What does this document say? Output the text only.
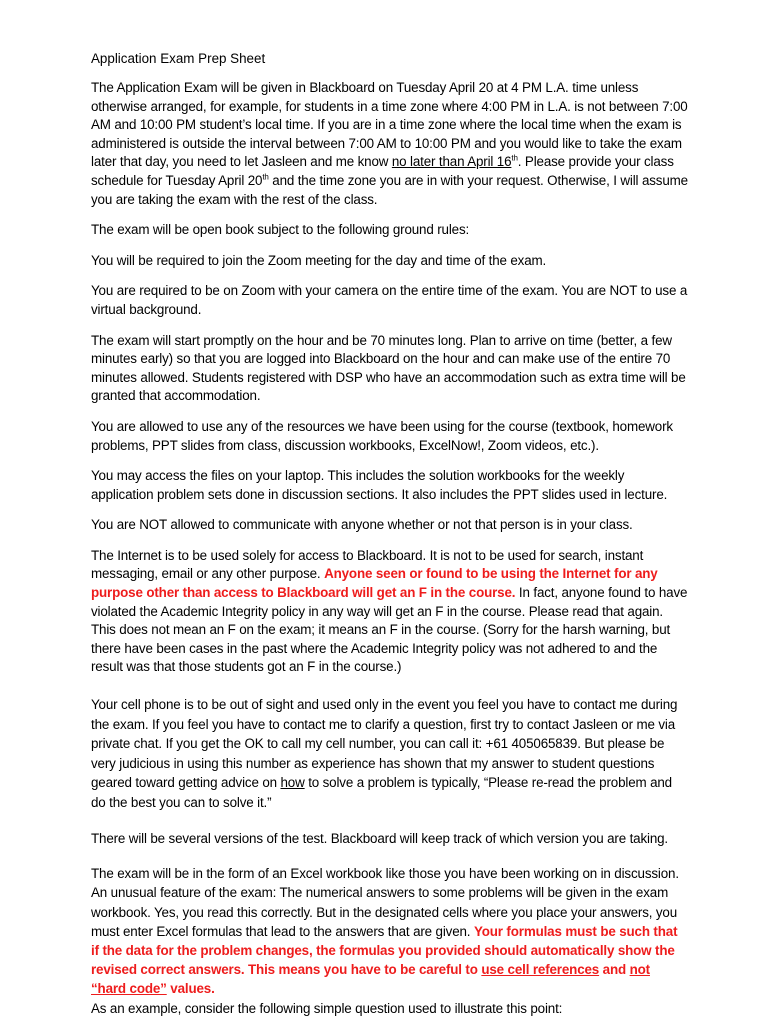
Application Exam Prep Sheet

The Application Exam will be given in Blackboard on Tuesday April 20 at 4 PM L.A. time unless otherwise arranged, for example, for students in a time zone where 4:00 PM in L.A. is not between 7:00 AM and 10:00 PM student’s local time. If you are in a time zone where the local time when the exam is administered is outside the interval between 7:00 AM to 10:00 PM and you would like to take the exam later that day, you need to let Jasleen and me know no later than April 16th. Please provide your class schedule for Tuesday April 20th and the time zone you are in with your request. Otherwise, I will assume you are taking the exam with the rest of the class.

The exam will be open book subject to the following ground rules:

You will be required to join the Zoom meeting for the day and time of the exam.

You are required to be on Zoom with your camera on the entire time of the exam. You are NOT to use a virtual background.

The exam will start promptly on the hour and be 70 minutes long. Plan to arrive on time (better, a few minutes early) so that you are logged into Blackboard on the hour and can make use of the entire 70 minutes allowed. Students registered with DSP who have an accommodation such as extra time will be granted that accommodation.

You are allowed to use any of the resources we have been using for the course (textbook, homework problems, PPT slides from class, discussion workbooks, ExcelNow!, Zoom videos, etc.).

You may access the files on your laptop. This includes the solution workbooks for the weekly application problem sets done in discussion sections. It also includes the PPT slides used in lecture.

You are NOT allowed to communicate with anyone whether or not that person is in your class.

The Internet is to be used solely for access to Blackboard. It is not to be used for search, instant messaging, email or any other purpose. Anyone seen or found to be using the Internet for any purpose other than access to Blackboard will get an F in the course. In fact, anyone found to have violated the Academic Integrity policy in any way will get an F in the course. Please read that again. This does not mean an F on the exam; it means an F in the course. (Sorry for the harsh warning, but there have been cases in the past where the Academic Integrity policy was not adhered to and the result was that those students got an F in the course.)

Your cell phone is to be out of sight and used only in the event you feel you have to contact me during the exam. If you feel you have to contact me to clarify a question, first try to contact Jasleen or me via private chat. If you get the OK to call my cell number, you can call it: +61 405065839. But please be very judicious in using this number as experience has shown that my answer to student questions geared toward getting advice on how to solve a problem is typically, “Please re-read the problem and do the best you can to solve it.”

There will be several versions of the test. Blackboard will keep track of which version you are taking.

The exam will be in the form of an Excel workbook like those you have been working on in discussion. An unusual feature of the exam: The numerical answers to some problems will be given in the exam workbook. Yes, you read this correctly. But in the designated cells where you place your answers, you must enter Excel formulas that lead to the answers that are given. Your formulas must be such that if the data for the problem changes, the formulas you provided should automatically show the revised correct answers. This means you have to be careful to use cell references and not “hard code” values.
As an example, consider the following simple question used to illustrate this point:
